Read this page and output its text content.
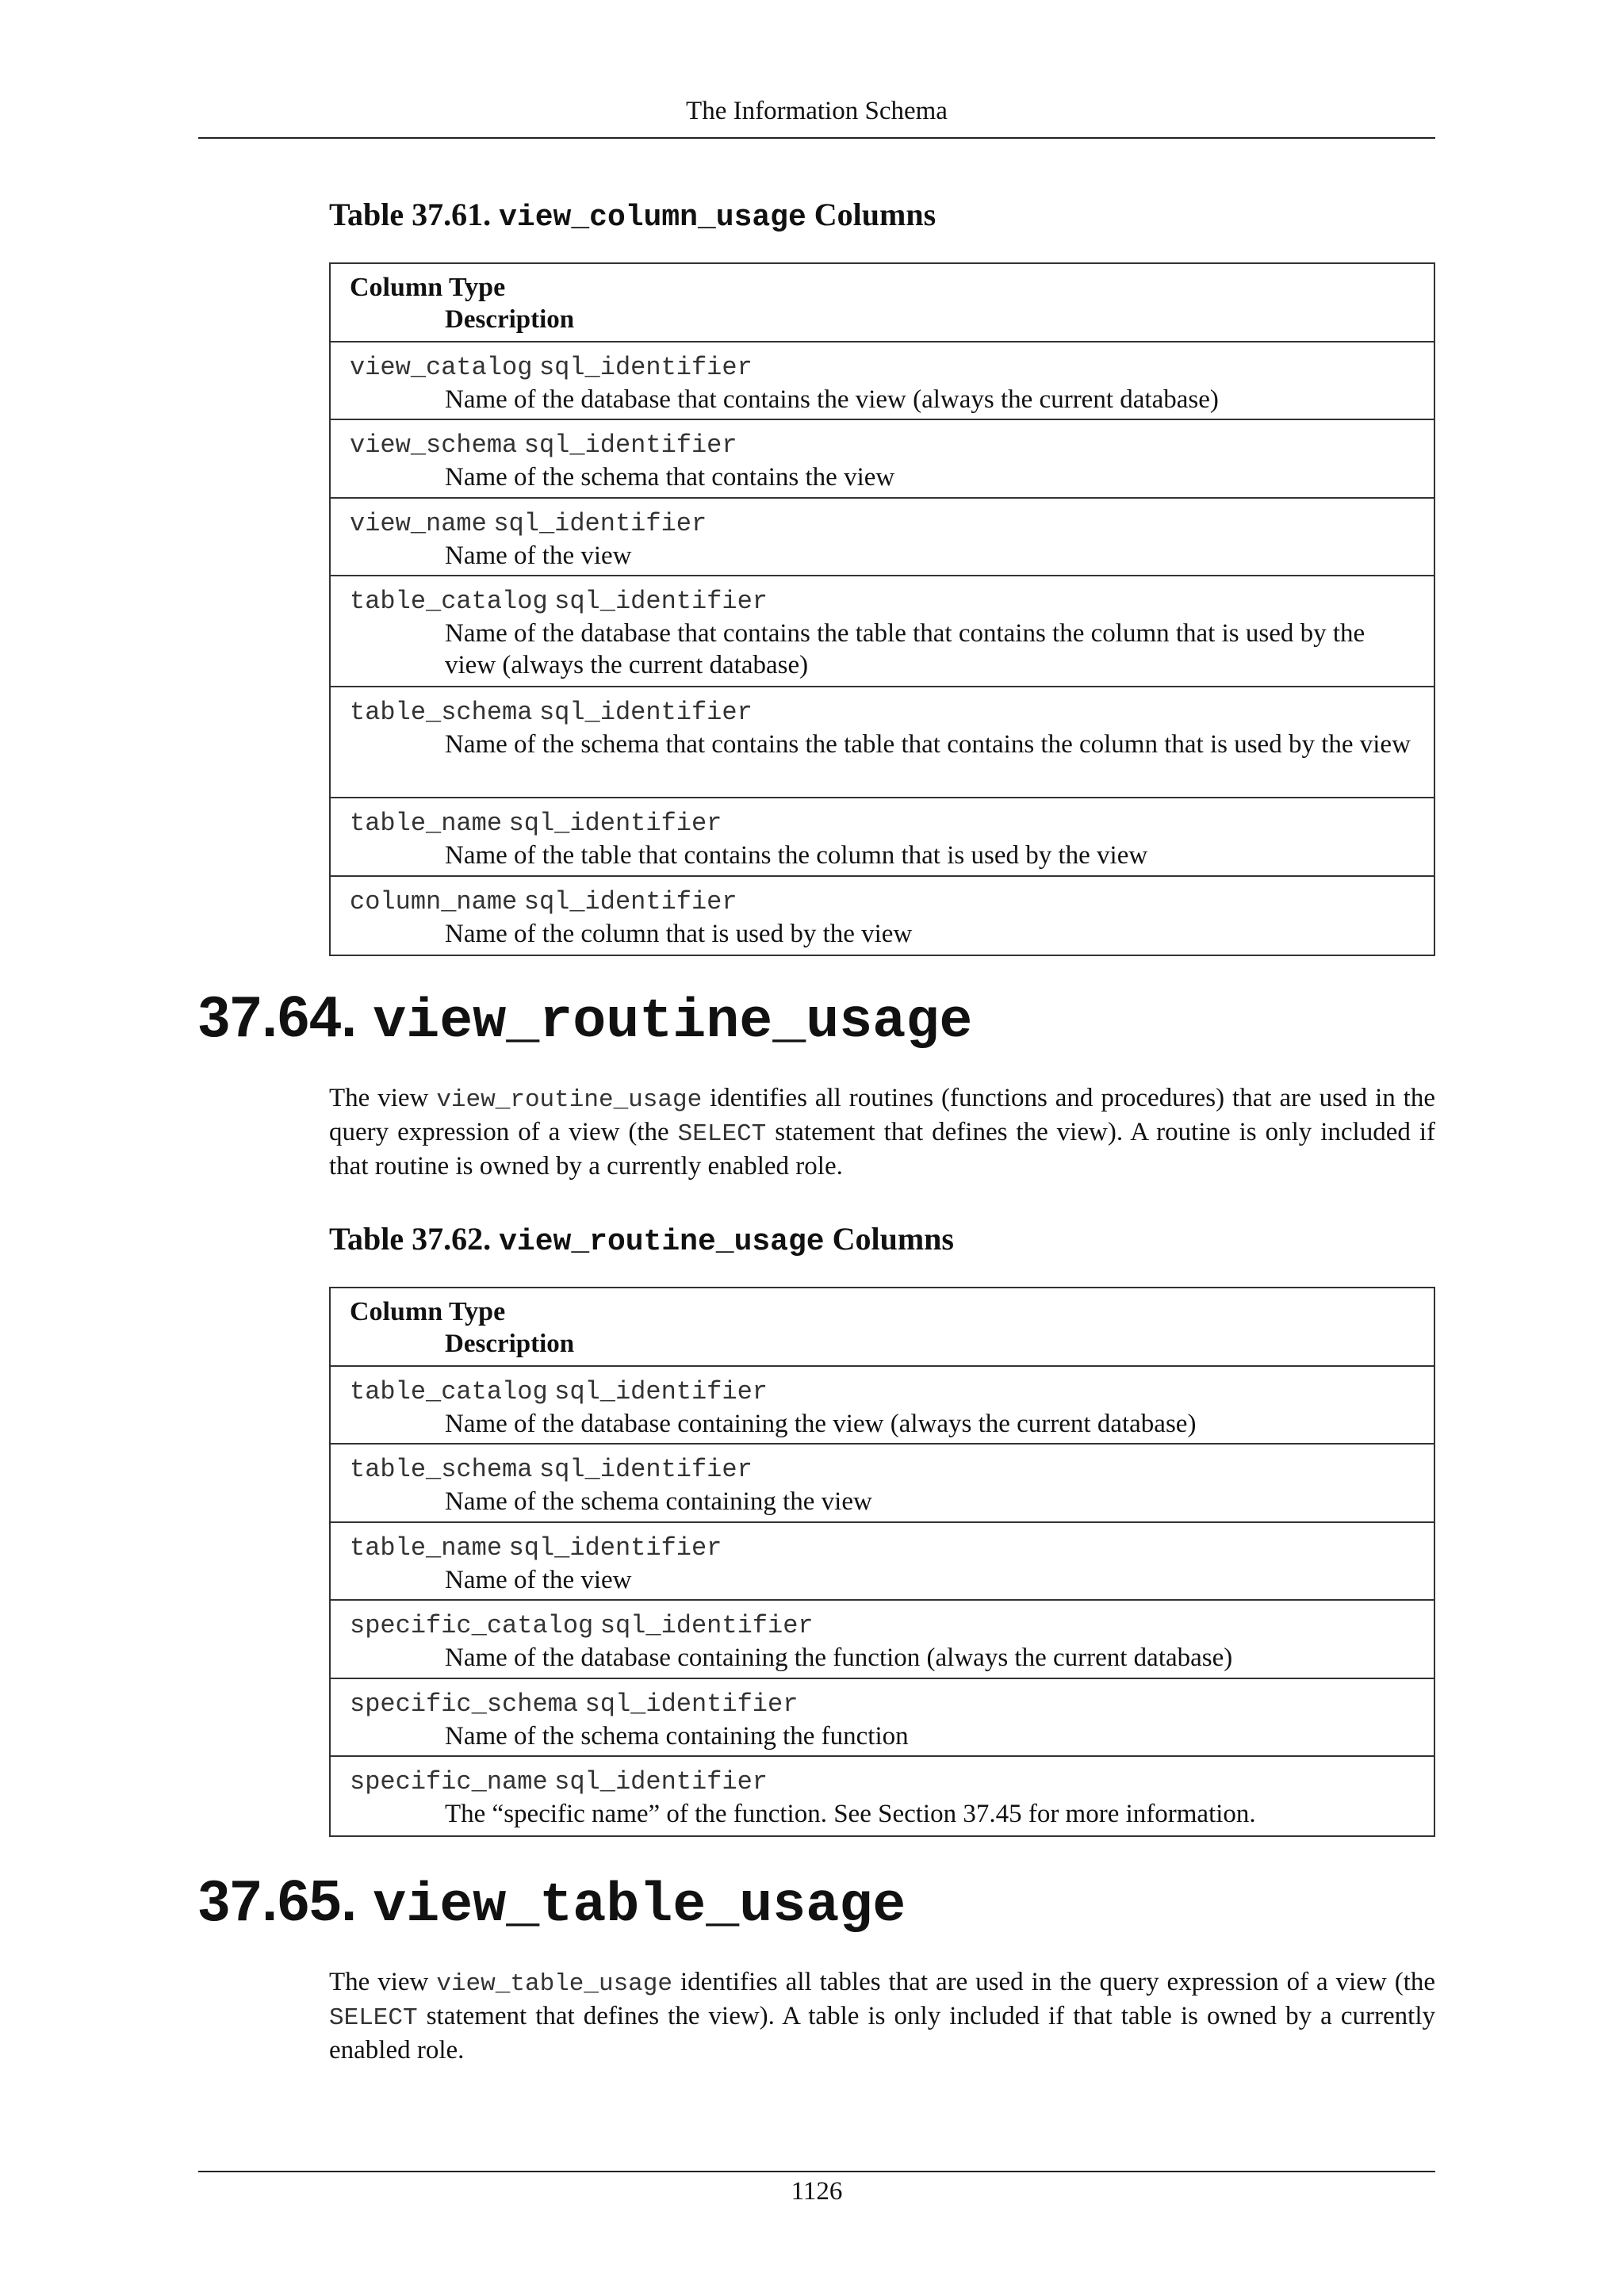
The Information Schema
Table 37.61. view_column_usage Columns
Column Type
Description
view_catalog sql_identifier
Name of the database that contains the view (always the current database)
view_schema sql_identifier
Name of the schema that contains the view
view_name sql_identifier
Name of the view
table_catalog sql_identifier
Name of the database that contains the table that contains the column that is used by the view (always the current database)
table_schema sql_identifier
Name of the schema that contains the table that contains the column that is used by the view
table_name sql_identifier
Name of the table that contains the column that is used by the view
column_name sql_identifier
Name of the column that is used by the view
37.64. view_routine_usage
The view view_routine_usage identifies all routines (functions and procedures) that are used in the query expression of a view (the SELECT statement that defines the view). A routine is only included if that routine is owned by a currently enabled role.
Table 37.62. view_routine_usage Columns
Column Type
Description
table_catalog sql_identifier
Name of the database containing the view (always the current database)
table_schema sql_identifier
Name of the schema containing the view
table_name sql_identifier
Name of the view
specific_catalog sql_identifier
Name of the database containing the function (always the current database)
specific_schema sql_identifier
Name of the schema containing the function
specific_name sql_identifier
The “specific name” of the function. See Section 37.45 for more information.
37.65. view_table_usage
The view view_table_usage identifies all tables that are used in the query expression of a view (the SELECT statement that defines the view). A table is only included if that table is owned by a currently enabled role.
1126
